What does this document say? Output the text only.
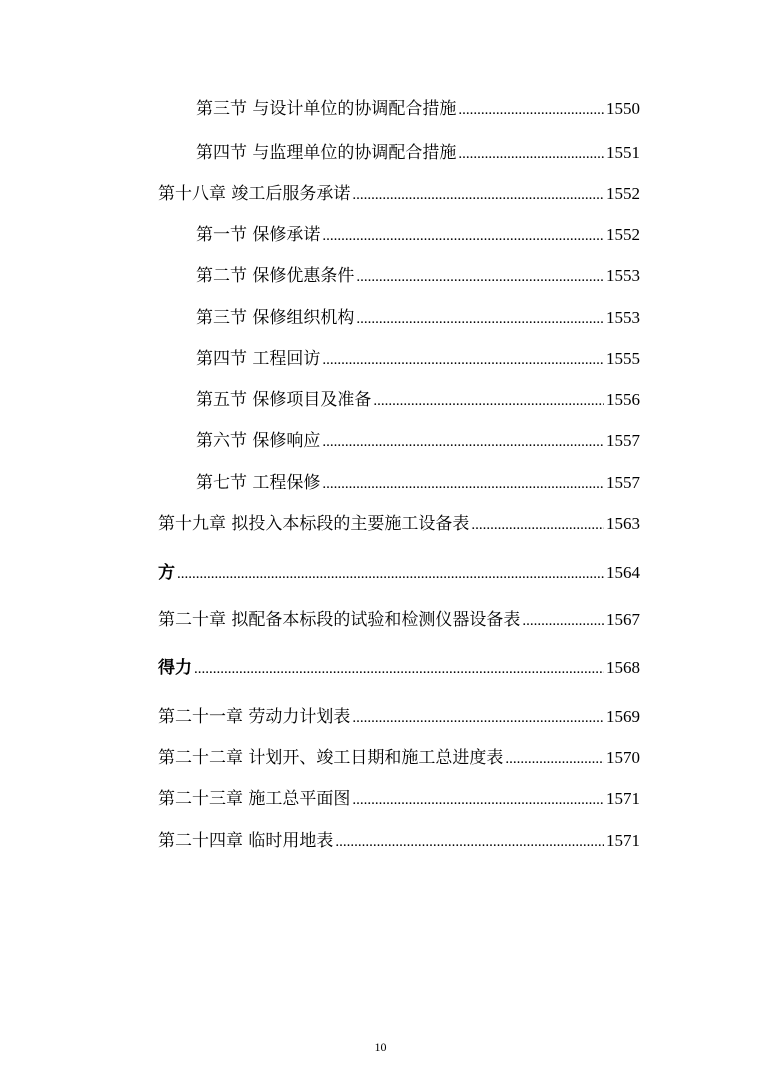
第三节 与设计单位的协调配合措施 .....	1550
第四节 与监理单位的协调配合措施 .....	1551
第十八章 竣工后服务承诺 .....	1552
第一节 保修承诺 .....	1552
第二节 保修优惠条件 .....	1553
第三节 保修组织机构 .....	1553
第四节 工程回访 .....	1555
第五节 保修项目及准备 .....	1556
第六节 保修响应 .....	1557
第七节 工程保修 .....	1557
第十九章 拟投入本标段的主要施工设备表 .....	1563
方 .....	1564
第二十章 拟配备本标段的试验和检测仪器设备表 .....	1567
得力 .....	1568
第二十一章 劳动力计划表 .....	1569
第二十二章 计划开、竣工日期和施工总进度表 .....	1570
第二十三章 施工总平面图 .....	1571
第二十四章 临时用地表 .....	1571
10
